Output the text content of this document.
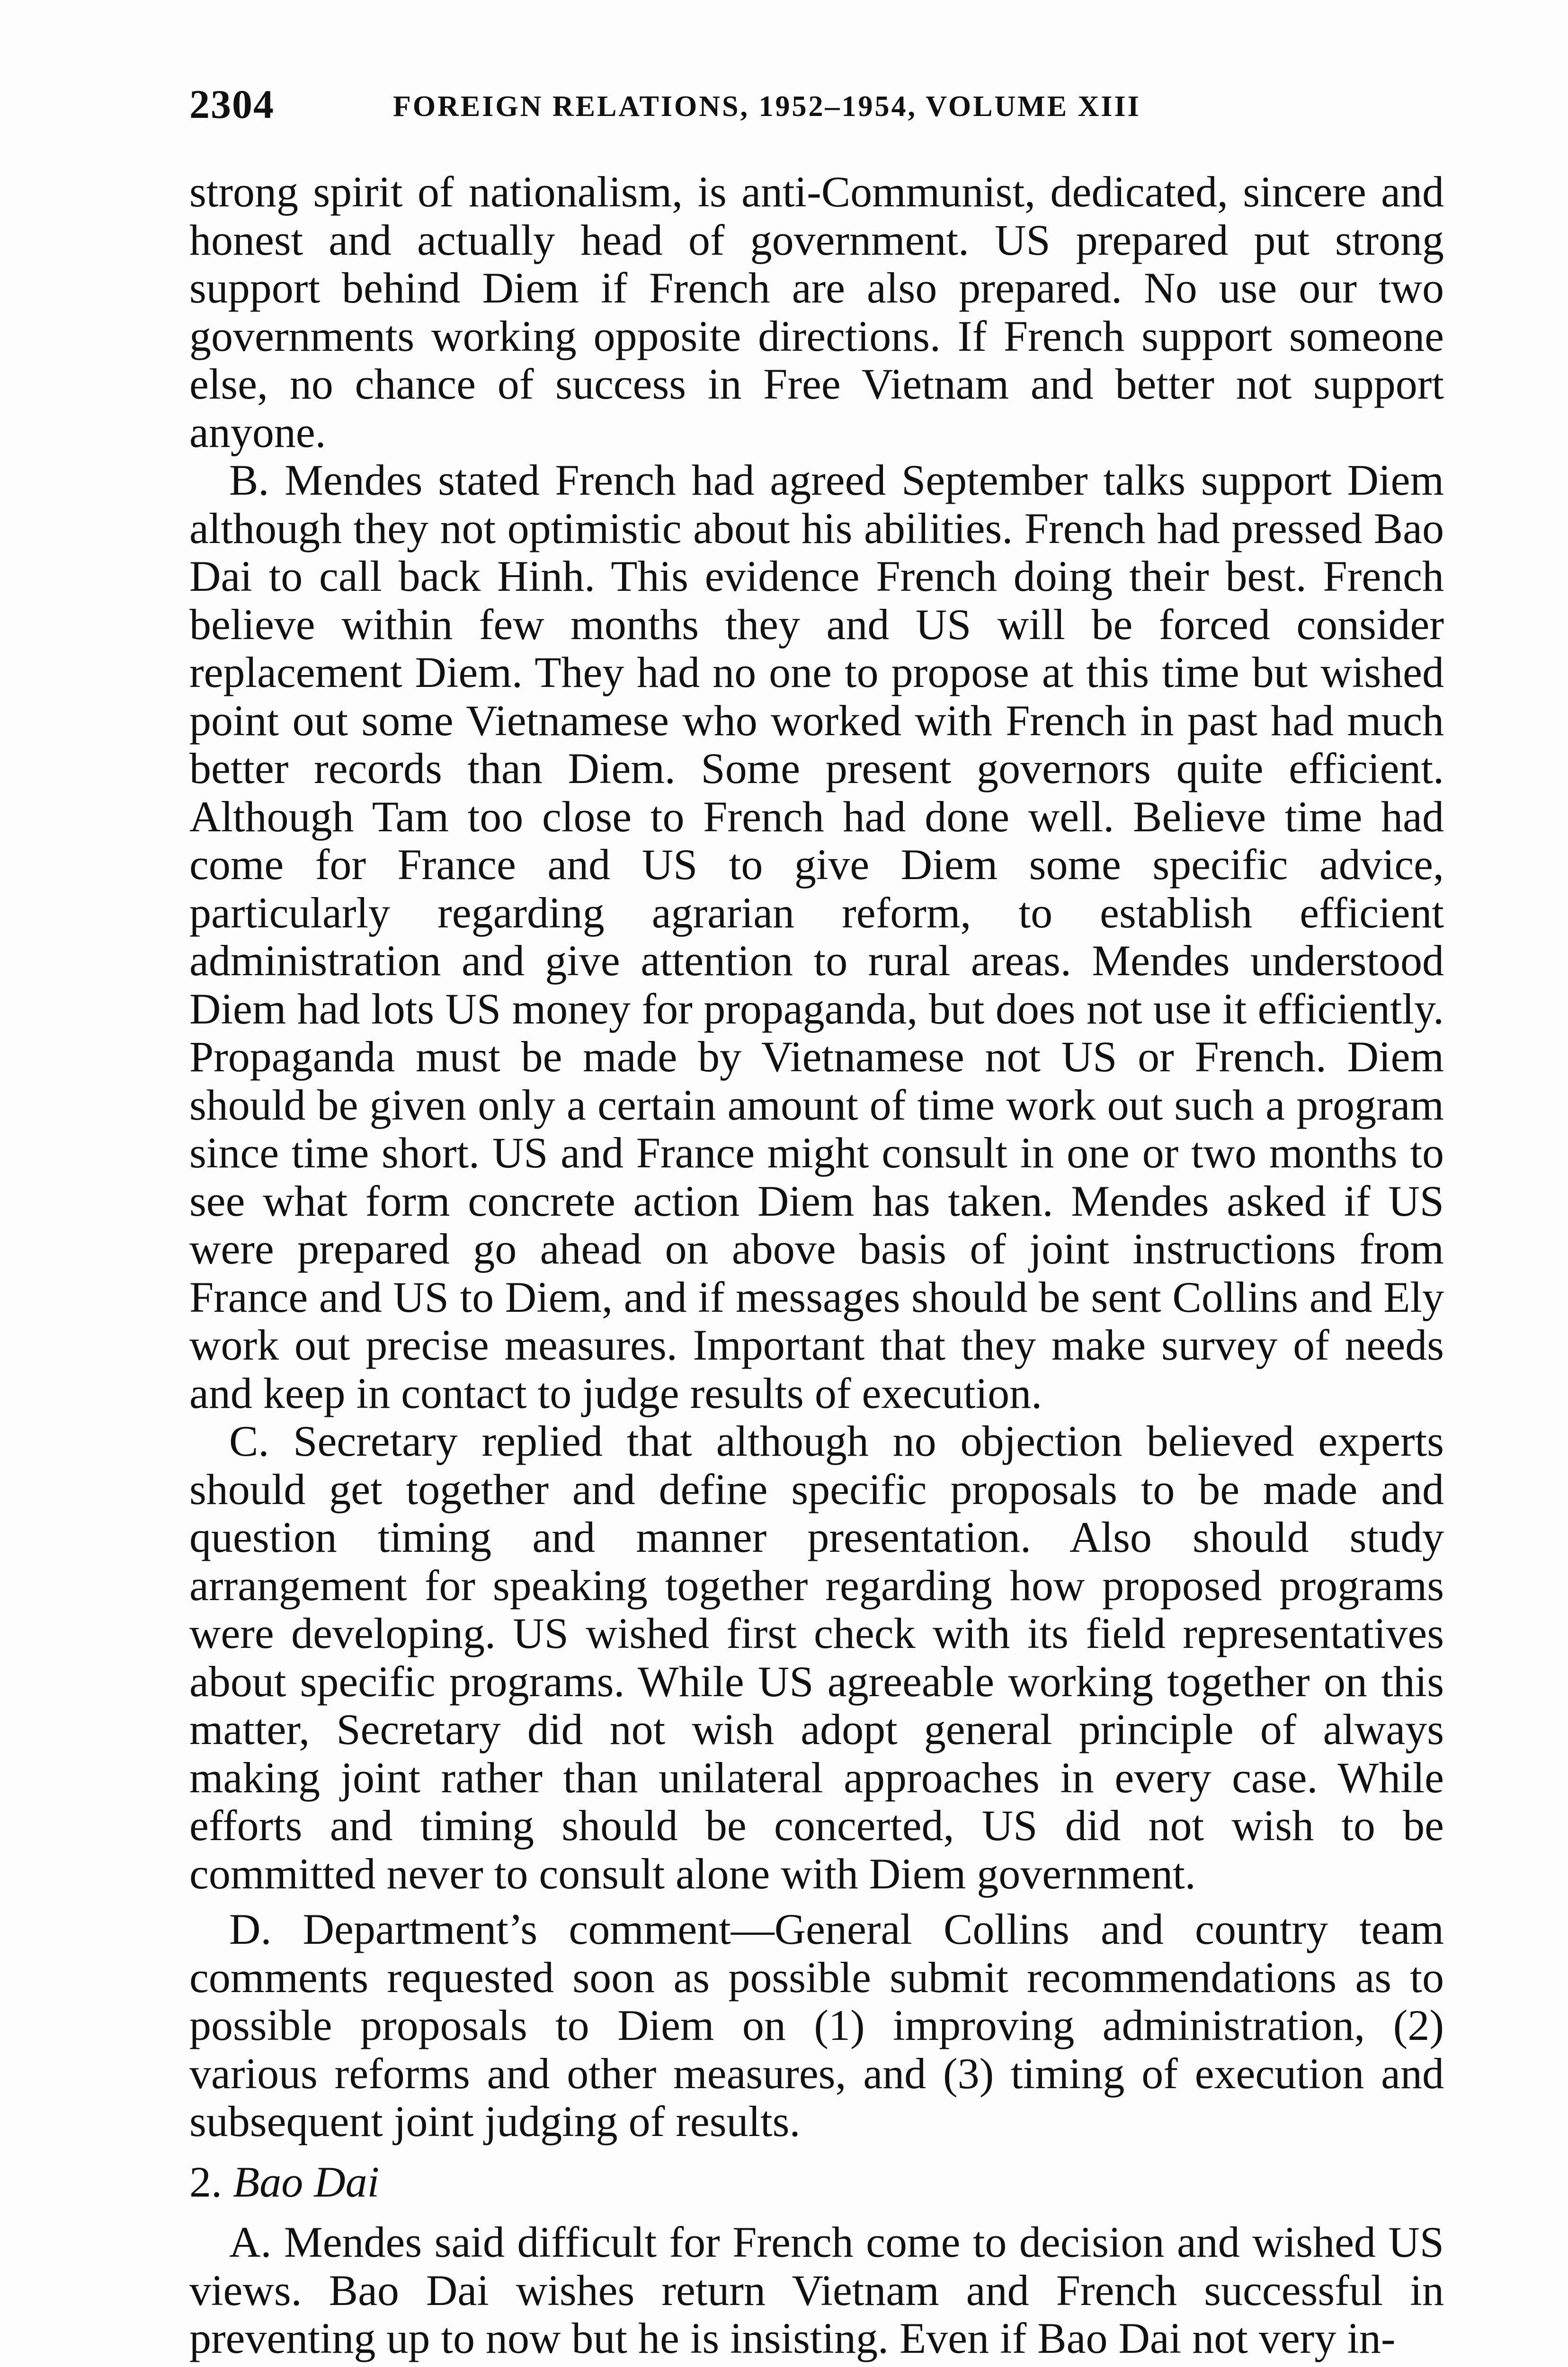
2304	FOREIGN RELATIONS, 1952–1954, VOLUME XIII

strong spirit of nationalism, is anti-Communist, dedicated, sincere and honest and actually head of government. US prepared put strong support behind Diem if French are also prepared. No use our two governments working opposite directions. If French support someone else, no chance of success in Free Vietnam and better not support anyone.

B. Mendes stated French had agreed September talks support Diem although they not optimistic about his abilities. French had pressed Bao Dai to call back Hinh. This evidence French doing their best. French believe within few months they and US will be forced consider replacement Diem. They had no one to propose at this time but wished point out some Vietnamese who worked with French in past had much better records than Diem. Some present governors quite efficient. Although Tam too close to French had done well. Believe time had come for France and US to give Diem some specific advice, particularly regarding agrarian reform, to establish efficient administration and give attention to rural areas. Mendes understood Diem had lots US money for propaganda, but does not use it efficiently. Propaganda must be made by Vietnamese not US or French. Diem should be given only a certain amount of time work out such a program since time short. US and France might consult in one or two months to see what form concrete action Diem has taken. Mendes asked if US were prepared go ahead on above basis of joint instructions from France and US to Diem, and if messages should be sent Collins and Ely work out precise measures. Important that they make survey of needs and keep in contact to judge results of execution.

C. Secretary replied that although no objection believed experts should get together and define specific proposals to be made and question timing and manner presentation. Also should study arrangement for speaking together regarding how proposed programs were developing. US wished first check with its field representatives about specific programs. While US agreeable working together on this matter, Secretary did not wish adopt general principle of always making joint rather than unilateral approaches in every case. While efforts and timing should be concerted, US did not wish to be committed never to consult alone with Diem government.

D. Department’s comment—General Collins and country team comments requested soon as possible submit recommendations as to possible proposals to Diem on (1) improving administration, (2) various reforms and other measures, and (3) timing of execution and subsequent joint judging of results.

2. Bao Dai

A. Mendes said difficult for French come to decision and wished US views. Bao Dai wishes return Vietnam and French successful in preventing up to now but he is insisting. Even if Bao Dai not very in-
